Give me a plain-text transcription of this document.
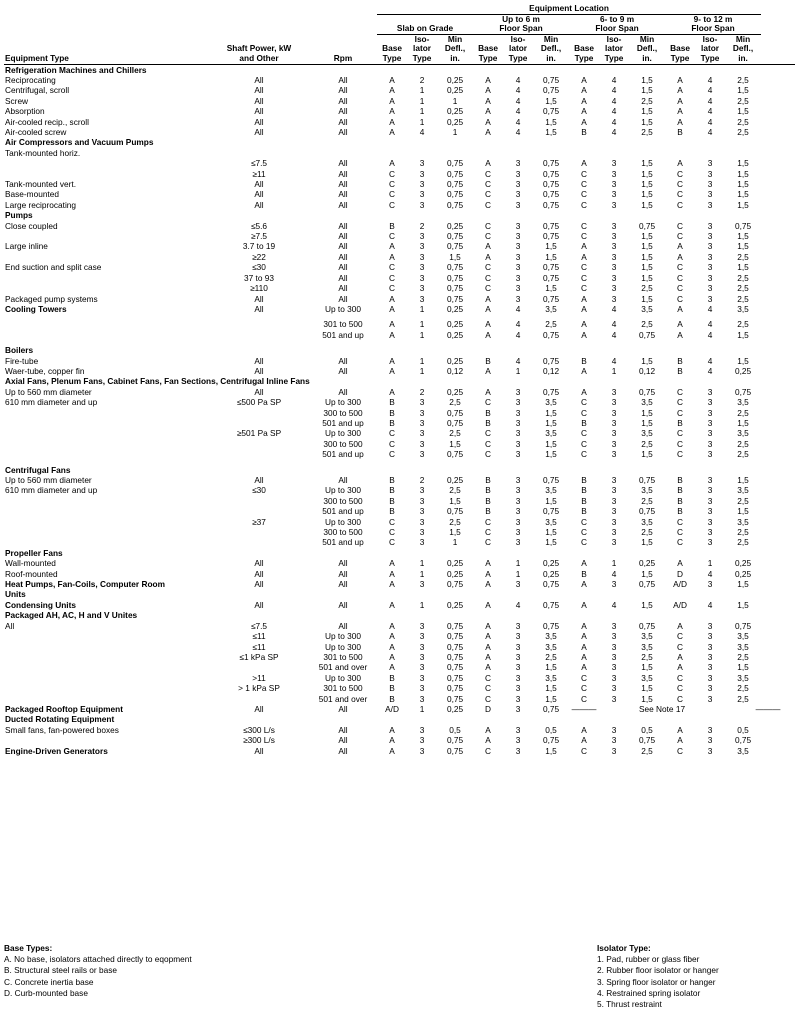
			Equipment Location													
						Up to 6 m			6- to 9 m			9- to 12 m				
			Slab on Grade			Floor Span			Floor Span			Floor Span				
				Iso-	Min		Iso-	Min		Iso-	Min		Iso-	Min		
	Shaft Power, kW		Base	lator	Defl.,	Base	lator	Defl.,	Base	lator	Defl.,	Base	lator	Defl.,		
Equipment Type	and Other	Rpm	Type	Type	in.	Type	Type	in.	Type	Type	in.	Type	Type	in.		
Refrigeration Machines and Chillers																
Reciprocating	All	All	A	2	0,25	A	4	0,75	A	4	1,5	A	4	2,5		
Centrifugal, scroll	All	All	A	1	0,25	A	4	0,75	A	4	1,5	A	4	1,5		
Screw	All	All	A	1	1	A	4	1,5	A	4	2,5	A	4	2,5		
Absorption	All	All	A	1	0,25	A	4	0,75	A	4	1,5	A	4	1,5		
Air-cooled recip., scroll	All	All	A	1	0,25	A	4	1,5	A	4	1,5	A	4	2,5		
Air-cooled screw	All	All	A	4	1	A	4	1,5	B	4	2,5	B	4	2,5		
Air Compressors and Vacuum Pumps																
Tank-mounted horiz.																
	≤7.5	All	A	3	0,75	A	3	0,75	A	3	1,5	A	3	1,5		
	≥11	All	C	3	0,75	C	3	0,75	C	3	1,5	C	3	1,5		
Tank-mounted vert.	All	All	C	3	0,75	C	3	0,75	C	3	1,5	C	3	1,5		
Base-mounted	All	All	C	3	0,75	C	3	0,75	C	3	1,5	C	3	1,5		
Large reciprocating	All	All	C	3	0,75	C	3	0,75	C	3	1,5	C	3	1,5		
Pumps																
Close coupled	≤5.6	All	B	2	0,25	C	3	0,75	C	3	0,75	C	3	0,75		
	≥7.5	All	C	3	0,75	C	3	0,75	C	3	1,5	C	3	1,5		
Large inline	3.7 to 19	All	A	3	0,75	A	3	1,5	A	3	1,5	A	3	1,5		
	≥22	All	A	3	1,5	A	3	1,5	A	3	1,5	A	3	2,5		
End suction and split case	≤30	All	C	3	0,75	C	3	0,75	C	3	1,5	C	3	1,5		
	37 to 93	All	C	3	0,75	C	3	0,75	C	3	1,5	C	3	2,5		
	≥110	All	C	3	0,75	C	3	1,5	C	3	2,5	C	3	2,5		
Packaged pump systems	All	All	A	3	0,75	A	3	0,75	A	3	1,5	C	3	2,5		
Cooling Towers	All	Up to 300	A	1	0,25	A	4	3,5	A	4	3,5	A	4	3,5		

		301 to 500	A	1	0,25	A	4	2,5	A	4	2,5	A	4	2,5		
		501 and up	A	1	0,25	A	4	0,75	A	4	0,75	A	4	1,5		

Boilers																
Fire-tube	All	All	A	1	0,25	B	4	0,75	B	4	1,5	B	4	1,5		
Waer-tube, copper fin	All	All	A	1	0,12	A	1	0,12	A	1	0,12	B	4	0,25		
Axial Fans, Plenum Fans, Cabinet Fans, Fan Sections, Centrifugal Inline Fans																
Up to 560 mm diameter	All	All	A	2	0,25	A	3	0,75	A	3	0,75	C	3	0,75		
610 mm diameter and up	≤500 Pa SP	Up to 300	B	3	2,5	C	3	3,5	C	3	3,5	C	3	3,5		
		300 to 500	B	3	0,75	B	3	1,5	C	3	1,5	C	3	2,5		
		501 and up	B	3	0,75	B	3	1,5	B	3	1,5	B	3	1,5		
	≥501 Pa SP	Up to 300	C	3	2,5	C	3	3,5	C	3	3,5	C	3	3,5		
		300 to 500	C	3	1,5	C	3	1,5	C	3	2,5	C	3	2,5		
		501 and up	C	3	0,75	C	3	1,5	C	3	1,5	C	3	2,5		

Centrifugal Fans																
Up to 560 mm diameter	All	All	B	2	0,25	B	3	0,75	B	3	0,75	B	3	1,5		
610 mm diameter and up	≤30	Up to 300	B	3	2,5	B	3	3,5	B	3	3,5	B	3	3,5		
		300 to 500	B	3	1,5	B	3	1,5	B	3	2,5	B	3	2,5		
		501 and up	B	3	0,75	B	3	0,75	B	3	0,75	B	3	1,5		
	≥37	Up to 300	C	3	2,5	C	3	3,5	C	3	3,5	C	3	3,5		
		300 to 500	C	3	1,5	C	3	1,5	C	3	2,5	C	3	2,5		
		501 and up	C	3	1	C	3	1,5	C	3	1,5	C	3	2,5		
Propeller Fans																
Wall-mounted	All	All	A	1	0,25	A	1	0,25	A	1	0,25	A	1	0,25		
Roof-mounted	All	All	A	1	0,25	A	1	0,25	B	4	1,5	D	4	0,25		
Heat Pumps, Fan-Coils, Computer Room	All	All	A	3	0,75	A	3	0,75	A	3	0,75	A/D	3	1,5		
Units																
Condensing Units	All	All	A	1	0,25	A	4	0,75	A	4	1,5	A/D	4	1,5		
Packaged AH, AC, H and V Unites																
All	≤7.5	All	A	3	0,75	A	3	0,75	A	3	0,75	A	3	0,75		
	≤11	Up to 300	A	3	0,75	A	3	3,5	A	3	3,5	C	3	3,5		
	≤11	Up to 300	A	3	0,75	A	3	3,5	A	3	3,5	C	3	3,5		
	≤1 kPa SP	301 to 500	A	3	0,75	A	3	2,5	A	3	2,5	A	3	2,5		
		501 and over	A	3	0,75	A	3	1,5	A	3	1,5	A	3	1,5		
	>11	Up to 300	B	3	0,75	C	3	3,5	C	3	3,5	C	3	3,5		
	> 1 kPa SP	301 to 500	B	3	0,75	C	3	1,5	C	3	1,5	C	3	2,5		
		501 and over	B	3	0,75	C	3	1,5	C	3	1,5	C	3	2,5		
Packaged Rooftop Equipment	All	All	A/D	1	0,25	D	3	0,75	———	See Note 17				———		
Ducted Rotating Equipment																
Small fans, fan-powered boxes	≤300 L/s	All	A	3	0,5	A	3	0,5	A	3	0,5	A	3	0,5		
	≥300 L/s	All	A	3	0,75	A	3	0,75	A	3	0,75	A	3	0,75		
Engine-Driven Generators	All	All	A	3	0,75	C	3	1,5	C	3	2,5	C	3	3,5		
Base Types:
A. No base, isolators attached directly to eqopment
B. Structural steel rails or base
C. Concrete inertia base
D. Curb-mounted base
Isolator Type:
1. Pad, rubber or glass fiber
2. Rubber floor isolator or hanger
3. Spring floor isolator or hanger
4. Restrained spring isolator
5. Thrust restraint
